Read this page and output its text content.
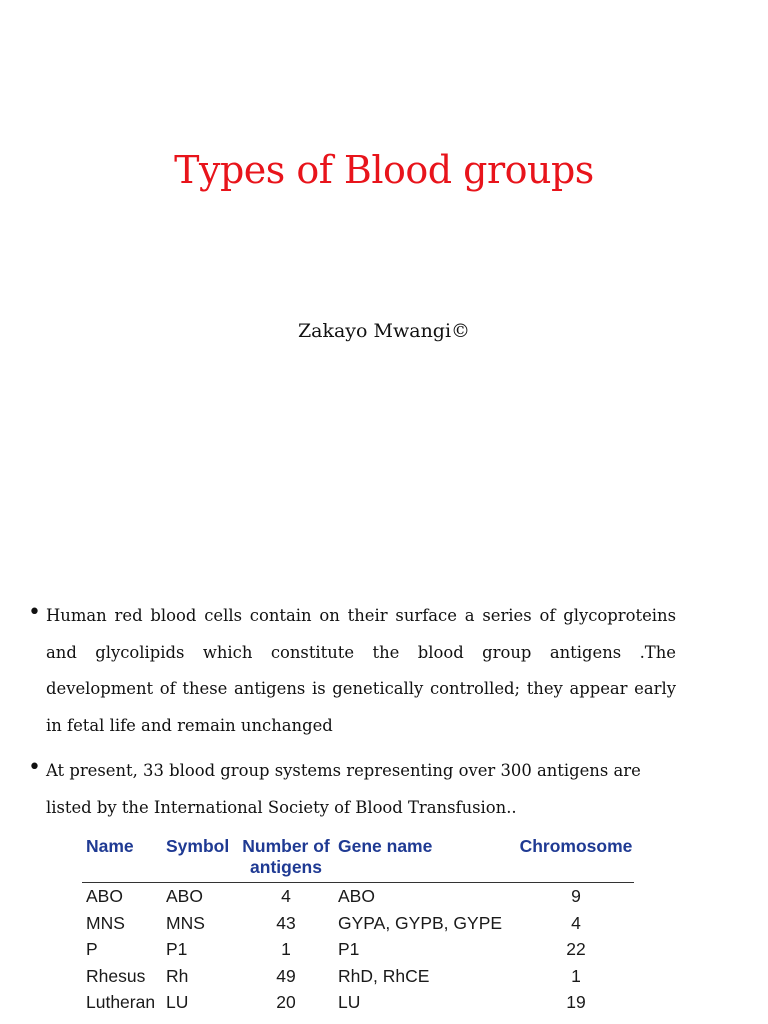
Types of Blood groups

Zakayo Mwangi©

• Human red blood cells contain on their surface a series of glycoproteins and glycolipids which constitute the blood group antigens .The development of these antigens is genetically controlled; they appear early in fetal life and remain unchanged
• At present, 33 blood group systems representing over 300 antigens are listed by the International Society of Blood Transfusion..
Name	Symbol	Number of antigens	Gene name	Chromosome
ABO	ABO	4	ABO	9
MNS	MNS	43	GYPA, GYPB, GYPE	4
P	P1	1	P1	22
Rhesus	Rh	49	RhD, RhCE	1
Lutheran	LU	20	LU	19
